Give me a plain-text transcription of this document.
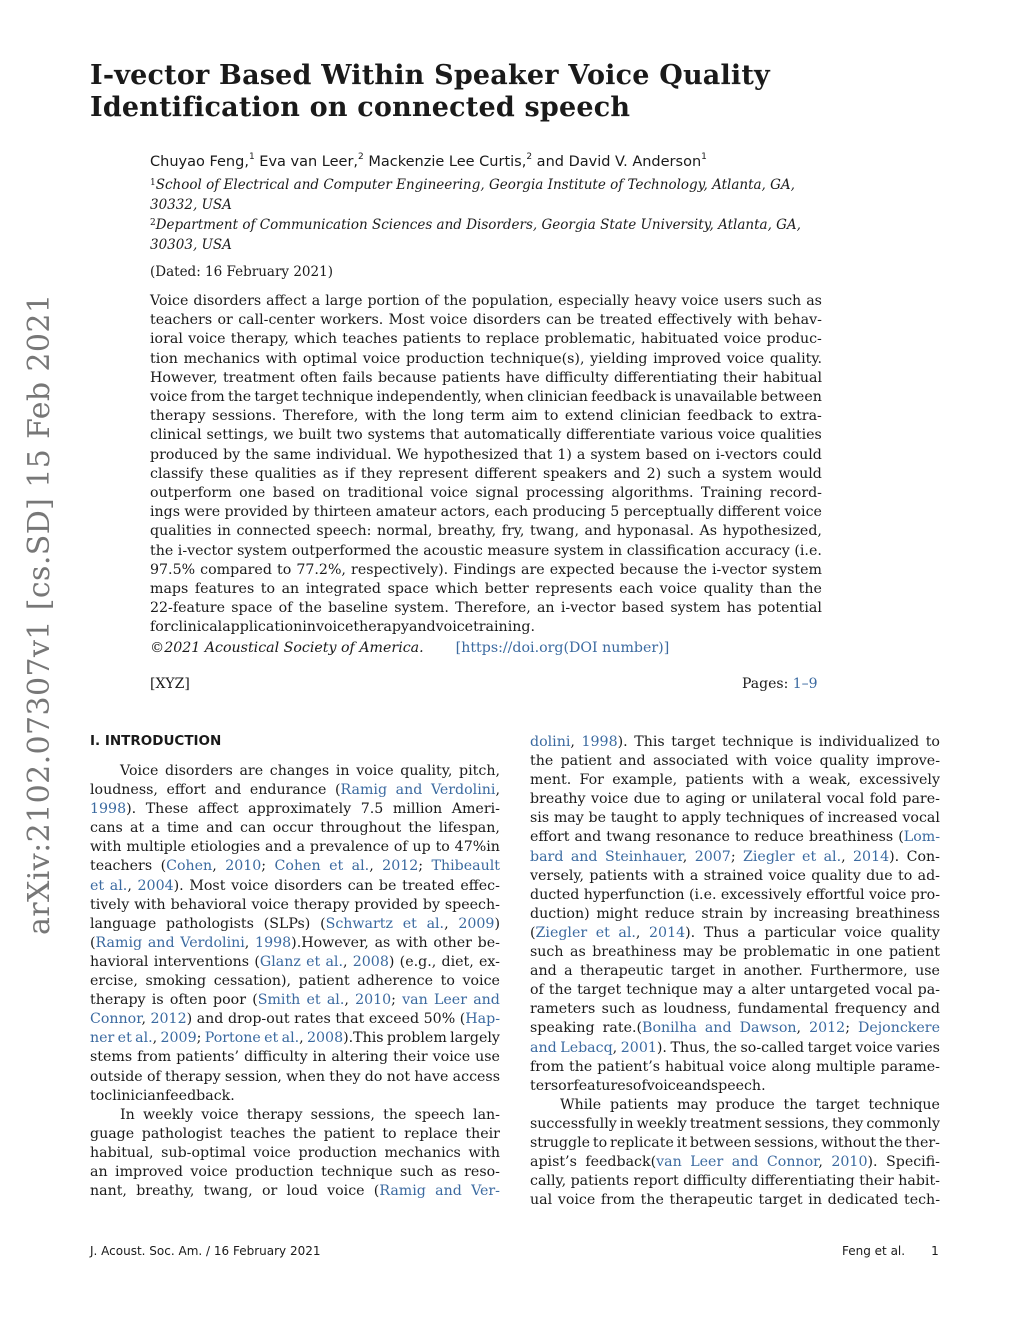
arXiv:2102.07307v1 [cs.SD] 15 Feb 2021
I-vector Based Within Speaker Voice Quality
Identification on connected speech
Chuyao Feng,$^1$ Eva van Leer,$^2$ Mackenzie Lee Curtis,$^2$ and David V. Anderson$^1$
$^1$School of Electrical and Computer Engineering, Georgia Institute of Technology, Atlanta, GA,
30332, USA
$^2$Department of Communication Sciences and Disorders, Georgia State University, Atlanta, GA,
30303, USA
(Dated: 16 February 2021)
Voice disorders affect a large portion of the population, especially heavy voice users such as
teachers or call-center workers. Most voice disorders can be treated effectively with behav-
ioral voice therapy, which teaches patients to replace problematic, habituated voice produc-
tion mechanics with optimal voice production technique(s), yielding improved voice quality.
However, treatment often fails because patients have difficulty differentiating their habitual
voice from the target technique independently, when clinician feedback is unavailable between
therapy sessions. Therefore, with the long term aim to extend clinician feedback to extra-
clinical settings, we built two systems that automatically differentiate various voice qualities
produced by the same individual. We hypothesized that 1) a system based on i-vectors could
classify these qualities as if they represent different speakers and 2) such a system would
outperform one based on traditional voice signal processing algorithms. Training record-
ings were provided by thirteen amateur actors, each producing 5 perceptually different voice
qualities in connected speech: normal, breathy, fry, twang, and hyponasal. As hypothesized,
the i-vector system outperformed the acoustic measure system in classification accuracy (i.e.
97.5% compared to 77.2%, respectively). Findings are expected because the i-vector system
maps features to an integrated space which better represents each voice quality than the
22-feature space of the baseline system. Therefore, an i-vector based system has potential
for clinical application in voice therapy and voice training.
©2021 Acoustical Society of America. [https://doi.org(DOI number)]
[XYZ]	Pages: 1–9
I. INTRODUCTION
Voice disorders are changes in voice quality, pitch,
loudness, effort and endurance (Ramig and Verdolini,
1998). These affect approximately 7.5 million Ameri-
cans at a time and can occur throughout the lifespan,
with multiple etiologies and a prevalence of up to 47%in
teachers (Cohen, 2010; Cohen et al., 2012; Thibeault
et al., 2004). Most voice disorders can be treated effec-
tively with behavioral voice therapy provided by speech-
language pathologists (SLPs) (Schwartz et al., 2009)
(Ramig and Verdolini, 1998).However, as with other be-
havioral interventions (Glanz et al., 2008) (e.g., diet, ex-
ercise, smoking cessation), patient adherence to voice
therapy is often poor (Smith et al., 2010; van Leer and
Connor, 2012) and drop-out rates that exceed 50% (Hap-
ner et al., 2009; Portone et al., 2008).This problem largely
stems from patients’ difficulty in altering their voice use
outside of therapy session, when they do not have access
to clinician feedback.
In weekly voice therapy sessions, the speech lan-
guage pathologist teaches the patient to replace their
habitual, sub-optimal voice production mechanics with
an improved voice production technique such as reso-
nant, breathy, twang, or loud voice (Ramig and Ver-
dolini, 1998). This target technique is individualized to
the patient and associated with voice quality improve-
ment. For example, patients with a weak, excessively
breathy voice due to aging or unilateral vocal fold pare-
sis may be taught to apply techniques of increased vocal
effort and twang resonance to reduce breathiness (Lom-
bard and Steinhauer, 2007; Ziegler et al., 2014). Con-
versely, patients with a strained voice quality due to ad-
ducted hyperfunction (i.e. excessively effortful voice pro-
duction) might reduce strain by increasing breathiness
(Ziegler et al., 2014). Thus a particular voice quality
such as breathiness may be problematic in one patient
and a therapeutic target in another. Furthermore, use
of the target technique may a alter untargeted vocal pa-
rameters such as loudness, fundamental frequency and
speaking rate.(Bonilha and Dawson, 2012; Dejonckere
and Lebacq, 2001). Thus, the so-called target voice varies
from the patient’s habitual voice along multiple parame-
ters or features of voice and speech.
While patients may produce the target technique
successfully in weekly treatment sessions, they commonly
struggle to replicate it between sessions, without the ther-
apist’s feedback(van Leer and Connor, 2010). Specifi-
cally, patients report difficulty differentiating their habit-
ual voice from the therapeutic target in dedicated tech-
J. Acoust. Soc. Am. / 16 February 2021	Feng et al. 1
